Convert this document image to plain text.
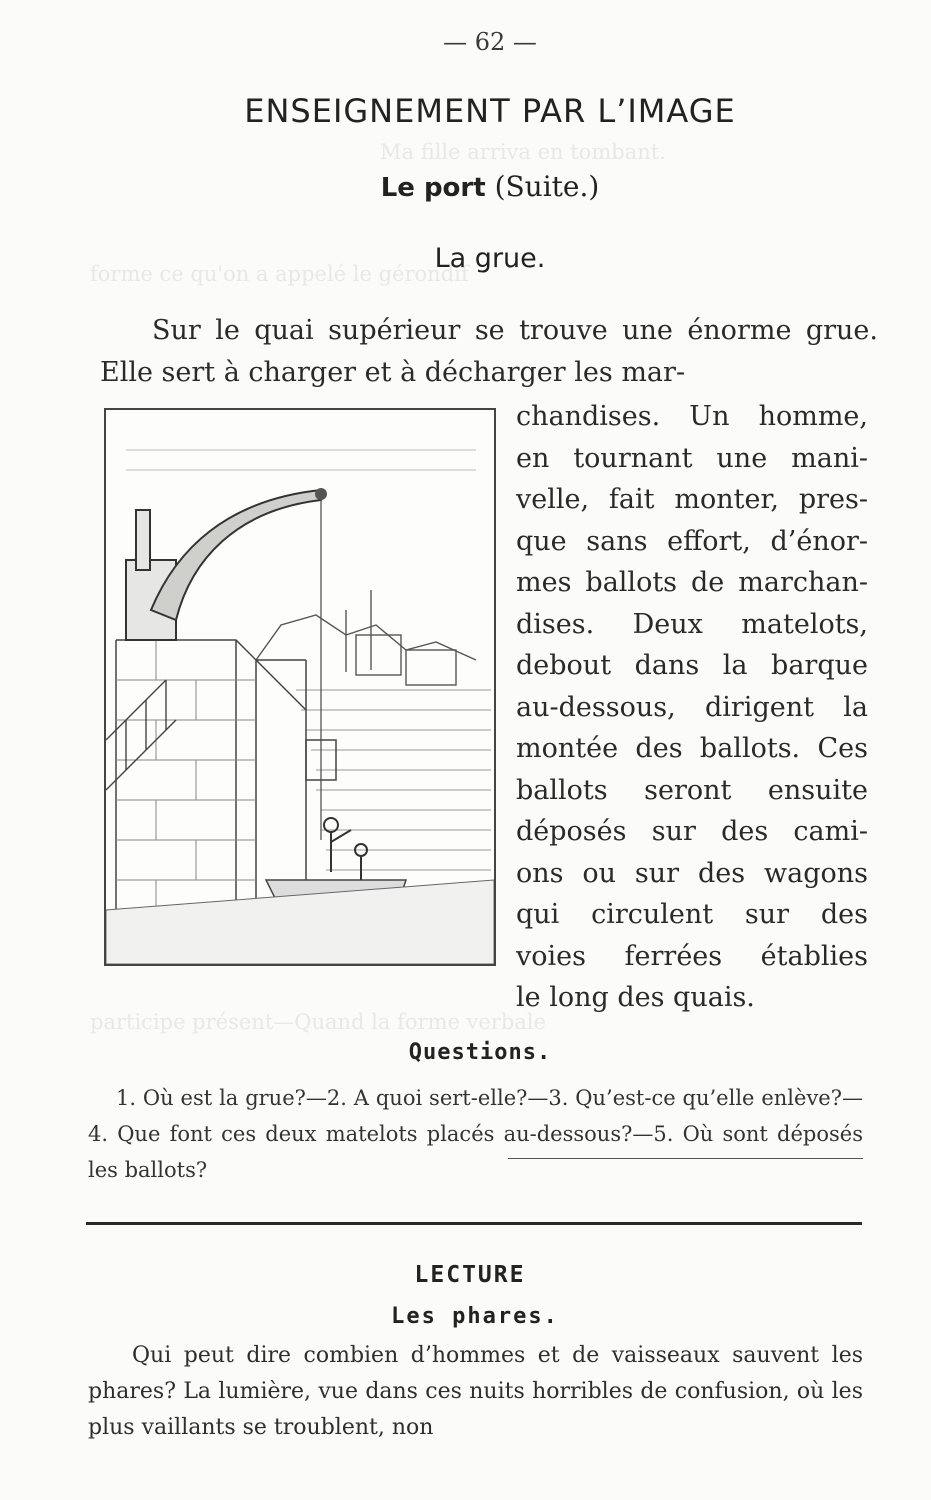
Ma fille arriva en tombant.
forme ce qu'on a appelé le gérondif
participe présent—Quand la forme verbale
— 62 —
ENSEIGNEMENT PAR L’IMAGE
Le port (Suite.)
La grue.
Sur le quai supérieur se trouve une énorme grue. Elle sert à charger et à décharger les mar-
chandises. Un homme,
en tournant une mani-
velle, fait monter, pres-
que sans effort, d’énor-
mes ballots de marchan-
dises. Deux matelots,
debout dans la barque
au-dessous, dirigent la
montée des ballots. Ces
ballots seront ensuite
déposés sur des cami-
ons ou sur des wagons
qui circulent sur des
voies ferrées établies
le long des quais.
Questions.
1. Où est la grue?—2. A quoi sert-elle?—3. Qu’est-ce qu’elle enlève?—4. Que font ces deux matelots placés au-dessous?—5. Où sont déposés les ballots?
LECTURE
Les phares.
Qui peut dire combien d’hommes et de vaisseaux sauvent les phares? La lumière, vue dans ces nuits horribles de confusion, où les plus vaillants se troublent, non
